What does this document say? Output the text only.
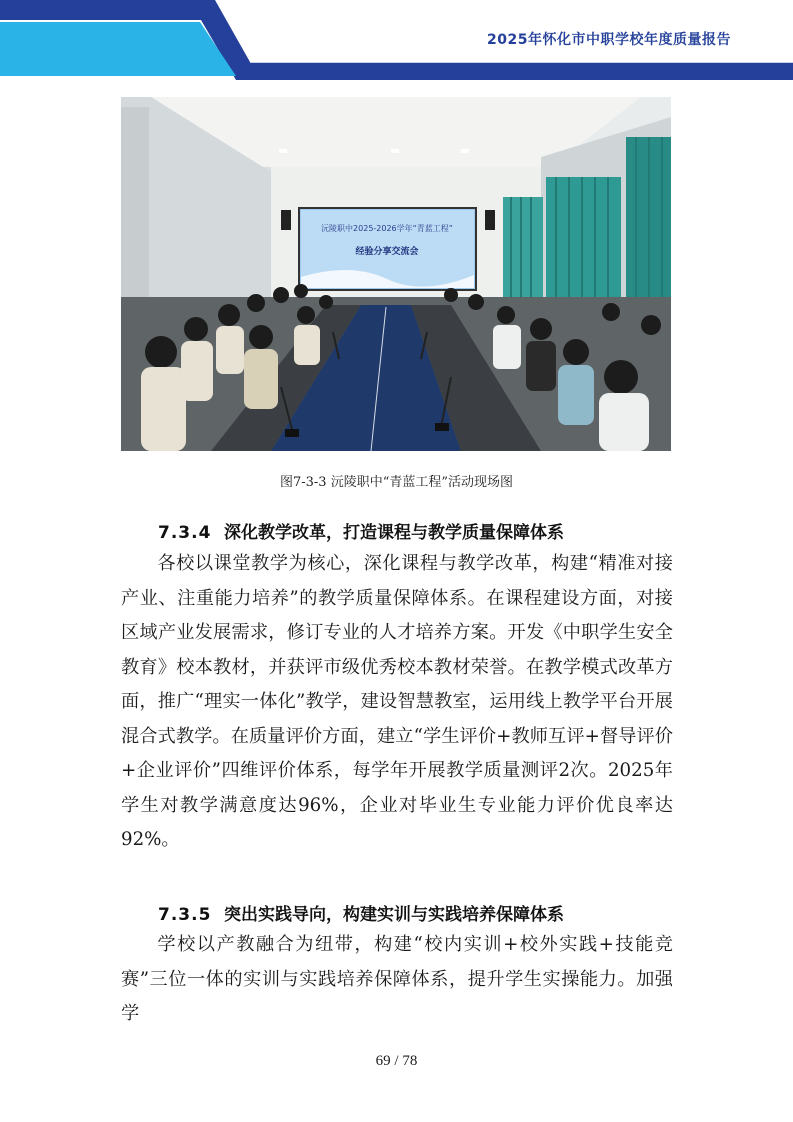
2025年怀化市中职学校年度质量报告
沅陵职中2025-2026学年“青蓝工程”
经验分享交流会
图7-3-3 沅陵职中“青蓝工程”活动现场图
7.3.4 深化教学改革，打造课程与教学质量保障体系

各校以课堂教学为核心，深化课程与教学改革，构建“精准对接产业、注重能力培养”的教学质量保障体系。在课程建设方面，对接区域产业发展需求，修订专业的人才培养方案。开发《中职学生安全教育》校本教材，并获评市级优秀校本教材荣誉。在教学模式改革方面，推广“理实一体化”教学，建设智慧教室，运用线上教学平台开展混合式教学。在质量评价方面，建立“学生评价+教师互评+督导评价+企业评价”四维评价体系，每学年开展教学质量测评2次。2025年学生对教学满意度达96%，企业对毕业生专业能力评价优良率达92%。

7.3.5 突出实践导向，构建实训与实践培养保障体系

学校以产教融合为纽带，构建“校内实训+校外实践+技能竞赛”三位一体的实训与实践培养保障体系，提升学生实操能力。加强学

69 / 78
